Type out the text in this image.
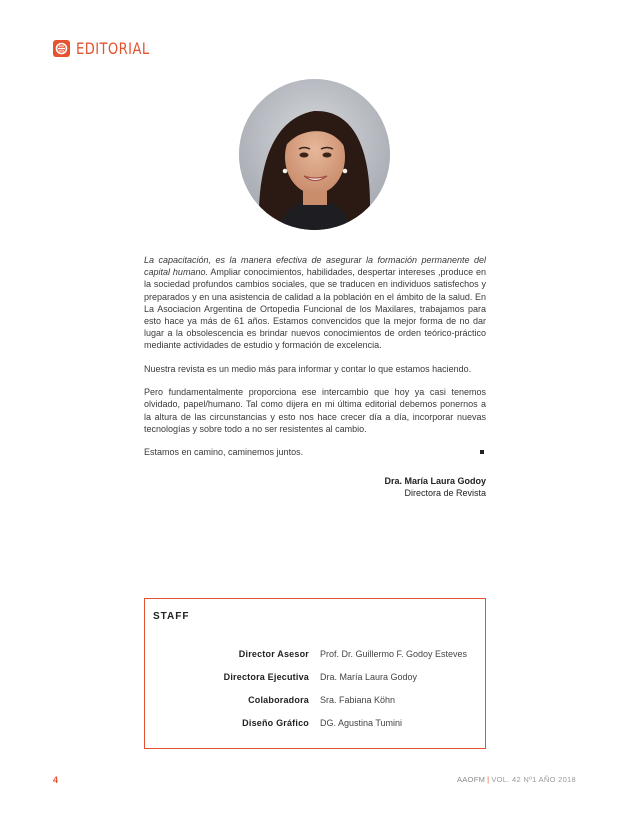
EDITORIAL

La capacitación, es la manera efectiva de asegurar la formación permanente del capital humano. Ampliar conocimientos, habilidades, despertar intereses ,produce en la sociedad profundos cambios sociales, que se traducen en individuos satisfechos y preparados y en una asistencia de calidad a la población en el ámbito de la salud. En La Asociacion Argentina de Ortopedia Funcional de los Maxilares, trabajamos para esto hace ya más de 61 años. Estamos convencidos que la mejor forma de no dar lugar a la obsolescencia es brindar nuevos conocimientos de orden teórico-práctico mediante actividades de estudio y formación de excelencia.

Nuestra revista es un medio más para informar y contar lo que estamos haciendo.

Pero fundamentalmente proporciona ese intercambio que hoy ya casi tenemos olvidado, papel/humano. Tal como dijera en mi última editorial debemos ponernos a la altura de las circunstancias y esto nos hace crecer día a día, incorporar nuevas tecnologías y sobre todo a no ser resistentes al cambio.

Estamos en camino, caminemos juntos.

Dra. María Laura Godoy
Directora de Revista
STAFF
Director Asesor Prof. Dr. Guillermo F. Godoy Esteves
Directora Ejecutiva Dra. María Laura Godoy
Colaboradora Sra. Fabiana Köhn
Diseño Gráfico DG. Agustina Tumini
4	AAOFM | VOL. 42 Nº1 AÑO 2018
